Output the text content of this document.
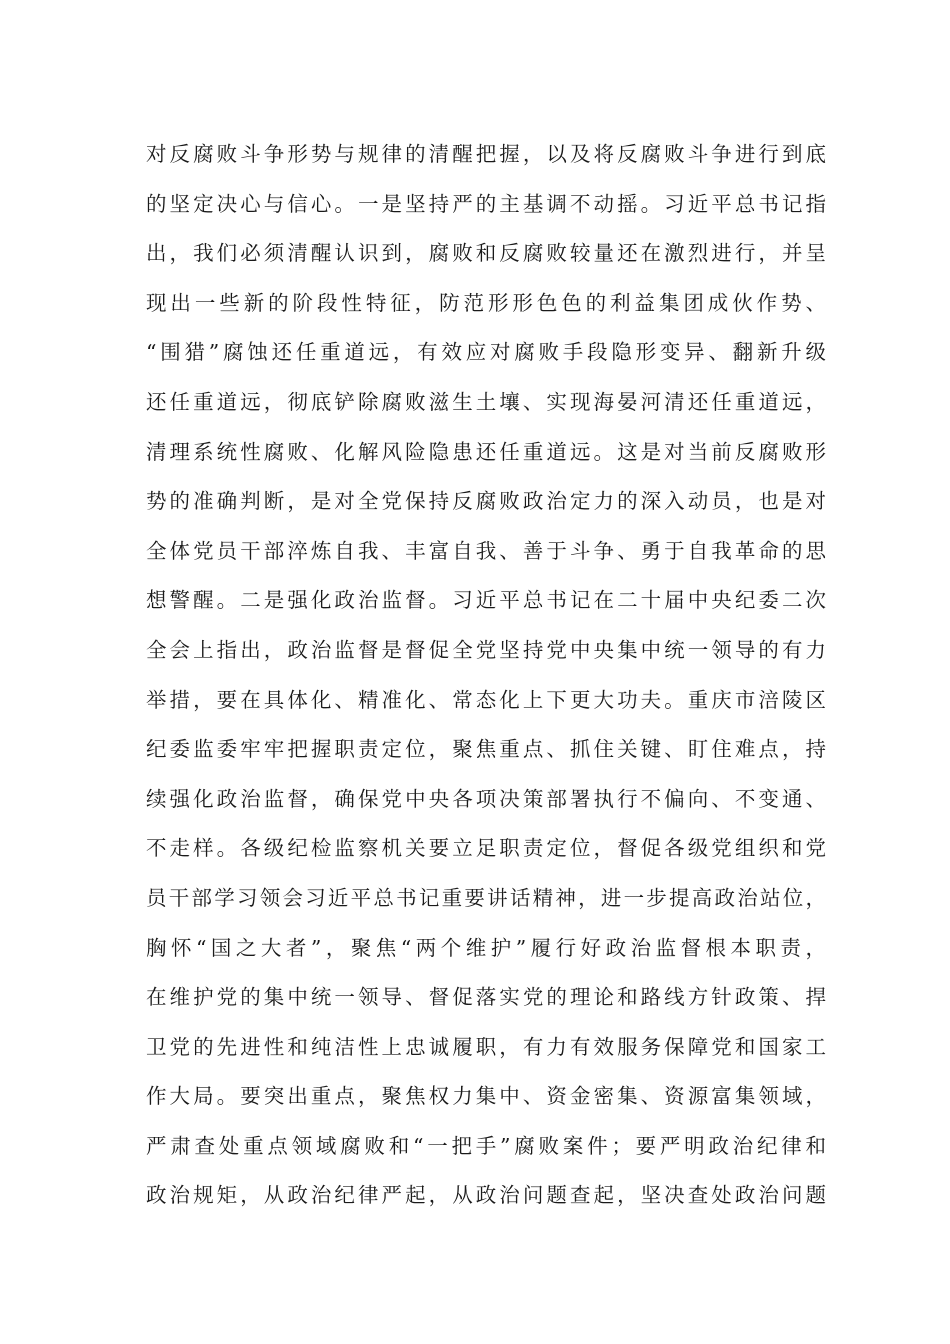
对反腐败斗争形势与规律的清醒把握，以及将反腐败斗争进行到底
的坚定决心与信心。一是坚持严的主基调不动摇。习近平总书记指
出，我们必须清醒认识到，腐败和反腐败较量还在激烈进行，并呈
现出一些新的阶段性特征，防范形形色色的利益集团成伙作势、
“围猎”腐蚀还任重道远，有效应对腐败手段隐形变异、翻新升级
还任重道远，彻底铲除腐败滋生土壤、实现海晏河清还任重道远，
清理系统性腐败、化解风险隐患还任重道远。这是对当前反腐败形
势的准确判断，是对全党保持反腐败政治定力的深入动员，也是对
全体党员干部淬炼自我、丰富自我、善于斗争、勇于自我革命的思
想警醒。二是强化政治监督。习近平总书记在二十届中央纪委二次
全会上指出，政治监督是督促全党坚持党中央集中统一领导的有力
举措，要在具体化、精准化、常态化上下更大功夫。重庆市涪陵区
纪委监委牢牢把握职责定位，聚焦重点、抓住关键、盯住难点，持
续强化政治监督，确保党中央各项决策部署执行不偏向、不变通、
不走样。各级纪检监察机关要立足职责定位，督促各级党组织和党
员干部学习领会习近平总书记重要讲话精神，进一步提高政治站位，
胸怀“国之大者”，聚焦“两个维护”履行好政治监督根本职责，
在维护党的集中统一领导、督促落实党的理论和路线方针政策、捍
卫党的先进性和纯洁性上忠诚履职，有力有效服务保障党和国家工
作大局。要突出重点，聚焦权力集中、资金密集、资源富集领域，
严肃查处重点领域腐败和“一把手”腐败案件；要严明政治纪律和
政治规矩，从政治纪律严起，从政治问题查起，坚决查处政治问题
